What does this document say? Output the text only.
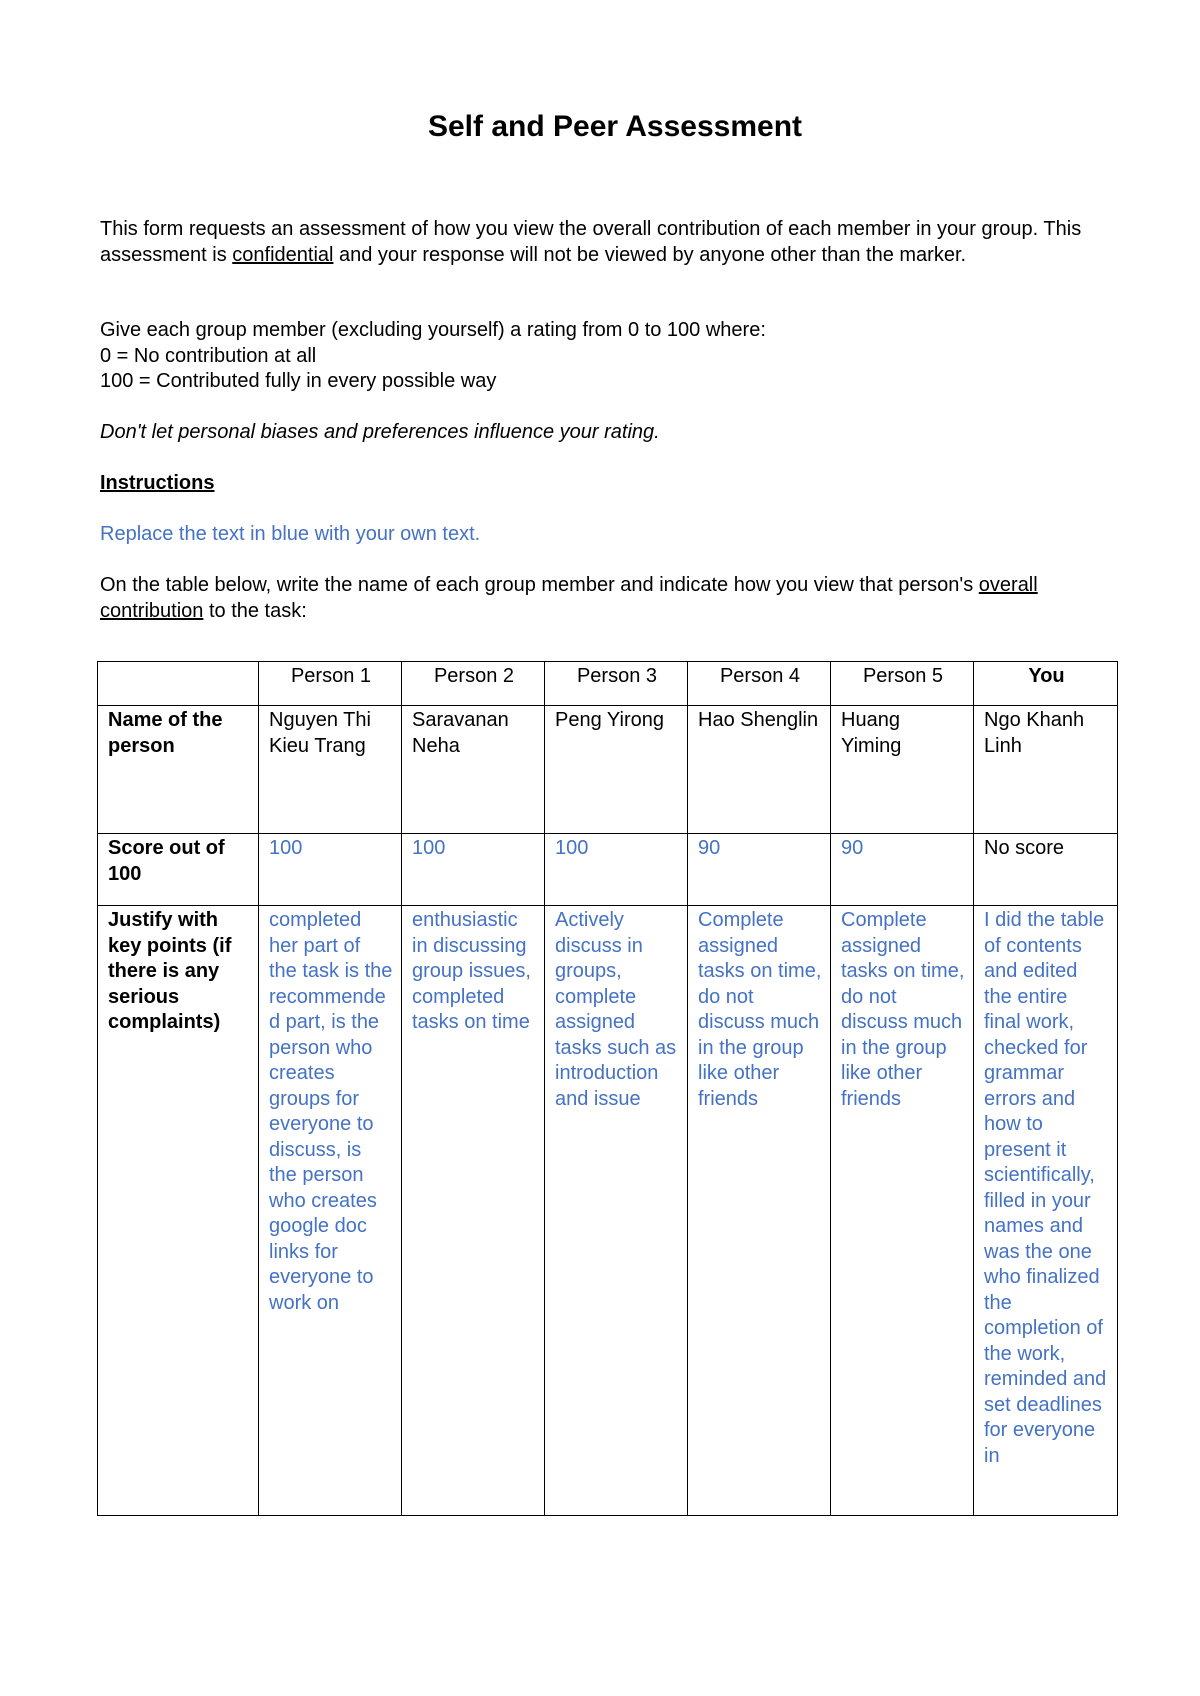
Self and Peer Assessment
This form requests an assessment of how you view the overall contribution of each member in your group. This assessment is confidential and your response will not be viewed by anyone other than the marker.
Give each group member (excluding yourself) a rating from 0 to 100 where:
0 = No contribution at all
100 = Contributed fully in every possible way
Don't let personal biases and preferences influence your rating.
Instructions
Replace the text in blue with your own text.
On the table below, write the name of each group member and indicate how you view that person's overall contribution to the task:
	Person 1	Person 2	Person 3	Person 4	Person 5	You
Name of the person	Nguyen Thi Kieu Trang	Saravanan Neha	Peng Yirong	Hao Shenglin	Huang Yiming	Ngo Khanh Linh
Score out of 100	100	100	100	90	90	No score
Justify with key points (if there is any serious complaints)	completed her part of the task is the recommended part, is the person who creates groups for everyone to discuss, is the person who creates google doc links for everyone to work on	enthusiastic in discussing group issues, completed tasks on time	Actively discuss in groups, complete assigned tasks such as introduction and issue	Complete assigned tasks on time, do not discuss much in the group like other friends	Complete assigned tasks on time, do not discuss much in the group like other friends	I did the table of contents and edited the entire final work, checked for grammar errors and how to present it scientifically, filled in your names and was the one who finalized the completion of the work, reminded and set deadlines for everyone in
